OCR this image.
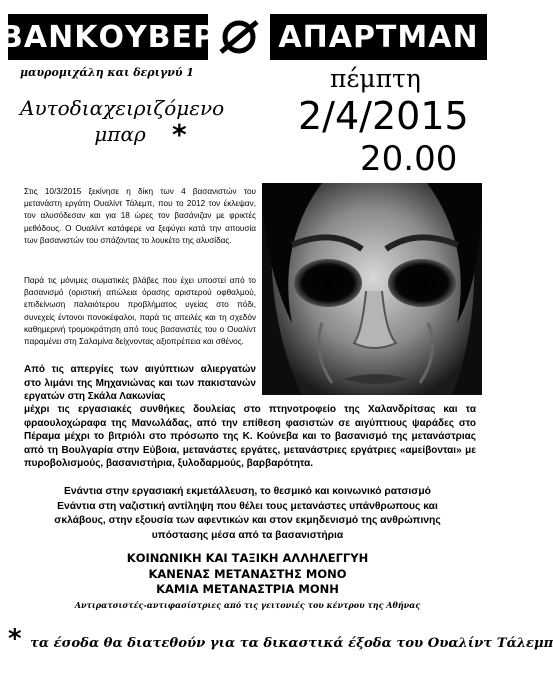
ΒΑΝΚΟΥΒΕΡ ΑΠΑΡΤΜΑΝ
μαυρομιχάλη και δεριγνύ 1
Αυτοδιαχειριζόμενο
μπαρ *
πέμπτη
2/4/2015
20.00
Στις 10/3/2015 ξεκίνησε η δίκη των 4 βασανιστών του μετανάστη εργάτη Ουαλίντ Τάλεμπ, που το 2012 τον έκλεψαν, τον αλυσόδεσαν και για 18 ώρες τον βασάνιζαν με φρικτές μεθόδους. Ο Ουαλίντ κατάφερε να ξεφύγει κατά την απουσία των βασανιστών του σπάζοντας το λουκέτο της αλυσίδας.
Παρά τις μόνιμες σωματικές βλάβες που έχει υποστεί από το βασανισμό (οριστική απώλεια όρασης αριστερού οφθαλμού, επιδείνωση παλαιότερου προβλήματος υγείας στο πόδι, συνεχείς έντονοι πονοκέφαλοι, παρά τις απειλές και τη σχεδόν καθημερινή τρομοκράτηση από τους βασανιστές του ο Ουαλίντ παραμένει στη Σαλαμίνα δείχνοντας αξιοπρέπεια και σθένος.
Από τις απεργίες των αιγύπτιων αλιεργατών στο λιμάνι της Μηχανιώνας και των πακιστανών εργατών στη Σκάλα Λακωνίας
μέχρι τις εργασιακές συνθήκες δουλείας στο πτηνοτροφείο της Χαλανδρίτσας και τα φραουλοχώραφα της Μανωλάδας, από την επίθεση φασιστών σε αιγύπτιους ψαράδες στο Πέραμα μέχρι το βιτριόλι στο πρόσωπο της Κ. Κούνεβα και το βασανισμό της μετανάστριας από τη Βουλγαρία στην Εύβοια, μετανάστες εργάτες, μετανάστριες εργάτριες «αμείβονται» με πυροβολισμούς, βασανιστήρια, ξυλοδαρμούς, βαρβαρότητα.
Ενάντια στην εργασιακή εκμετάλλευση, το θεσμικό και κοινωνικό ρατσισμό
Ενάντια στη ναζιστική αντίληψη που θέλει τους μετανάστες υπάνθρωπους και
σκλάβους, στην εξουσία των αφεντικών και στον εκμηδενισμό της ανθρώπινης
υπόστασης μέσα από τα βασανιστήρια
ΚΟΙΝΩΝΙΚΗ ΚΑΙ ΤΑΞΙΚΗ ΑΛΛΗΛΕΓΓΥΗ
ΚΑΝΕΝΑΣ ΜΕΤΑΝΑΣΤΗΣ ΜΟΝΟ
ΚΑΜΙΑ ΜΕΤΑΝΑΣΤΡΙΑ ΜΟΝΗ
Αντιρατσιστές-αντιφασίστριες από τις γειτονιές του κέντρου της Αθήνας
* τα έσοδα θα διατεθούν για τα δικαστικά έξοδα του Ουαλίντ Τάλεμπ
